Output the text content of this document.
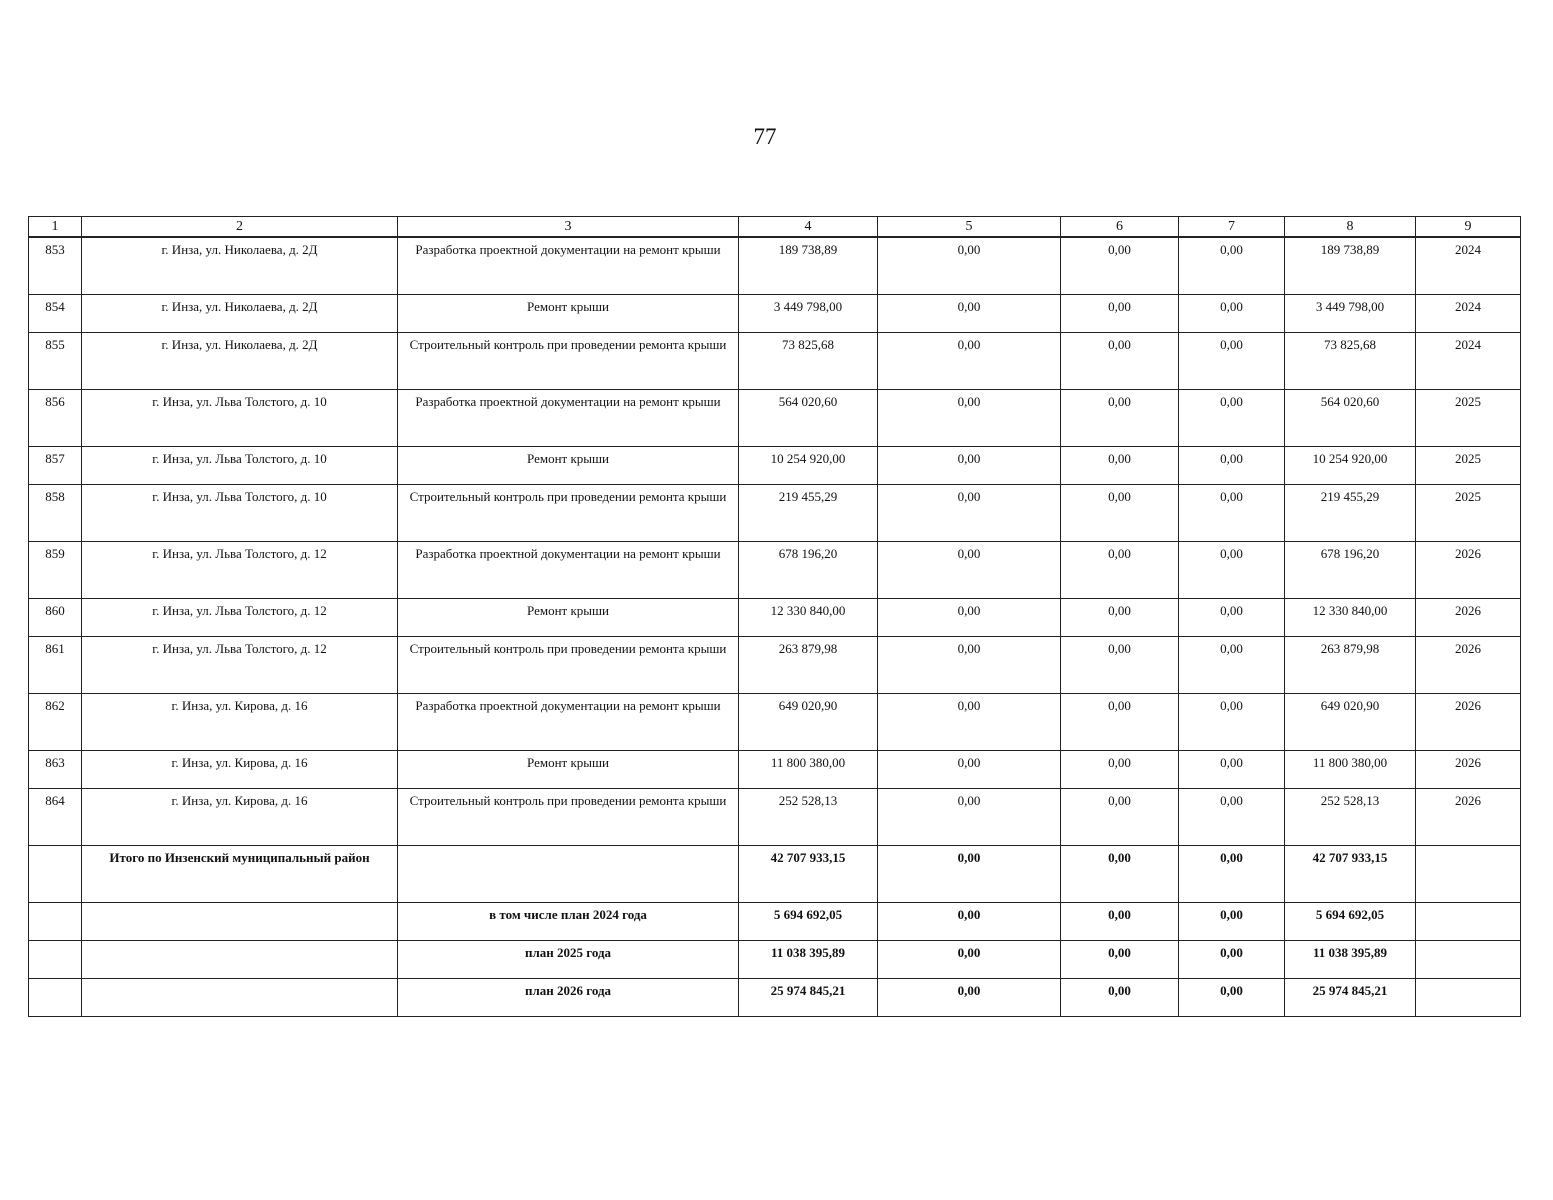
77
1	2	3	4	5	6	7	8	9
853	г. Инза, ул. Николаева, д. 2Д	Разработка проектной документации на ремонт крыши	189 738,89	0,00	0,00	0,00	189 738,89	2024
854	г. Инза, ул. Николаева, д. 2Д	Ремонт крыши	3 449 798,00	0,00	0,00	0,00	3 449 798,00	2024
855	г. Инза, ул. Николаева, д. 2Д	Строительный контроль при проведении ремонта крыши	73 825,68	0,00	0,00	0,00	73 825,68	2024
856	г. Инза, ул. Льва Толстого, д. 10	Разработка проектной документации на ремонт крыши	564 020,60	0,00	0,00	0,00	564 020,60	2025
857	г. Инза, ул. Льва Толстого, д. 10	Ремонт крыши	10 254 920,00	0,00	0,00	0,00	10 254 920,00	2025
858	г. Инза, ул. Льва Толстого, д. 10	Строительный контроль при проведении ремонта крыши	219 455,29	0,00	0,00	0,00	219 455,29	2025
859	г. Инза, ул. Льва Толстого, д. 12	Разработка проектной документации на ремонт крыши	678 196,20	0,00	0,00	0,00	678 196,20	2026
860	г. Инза, ул. Льва Толстого, д. 12	Ремонт крыши	12 330 840,00	0,00	0,00	0,00	12 330 840,00	2026
861	г. Инза, ул. Льва Толстого, д. 12	Строительный контроль при проведении ремонта крыши	263 879,98	0,00	0,00	0,00	263 879,98	2026
862	г. Инза, ул. Кирова, д. 16	Разработка проектной документации на ремонт крыши	649 020,90	0,00	0,00	0,00	649 020,90	2026
863	г. Инза, ул. Кирова, д. 16	Ремонт крыши	11 800 380,00	0,00	0,00	0,00	11 800 380,00	2026
864	г. Инза, ул. Кирова, д. 16	Строительный контроль при проведении ремонта крыши	252 528,13	0,00	0,00	0,00	252 528,13	2026
	Итого по Инзенский муниципальный район		42 707 933,15	0,00	0,00	0,00	42 707 933,15	
		в том числе план 2024 года	5 694 692,05	0,00	0,00	0,00	5 694 692,05	
		план 2025 года	11 038 395,89	0,00	0,00	0,00	11 038 395,89	
		план 2026 года	25 974 845,21	0,00	0,00	0,00	25 974 845,21	
